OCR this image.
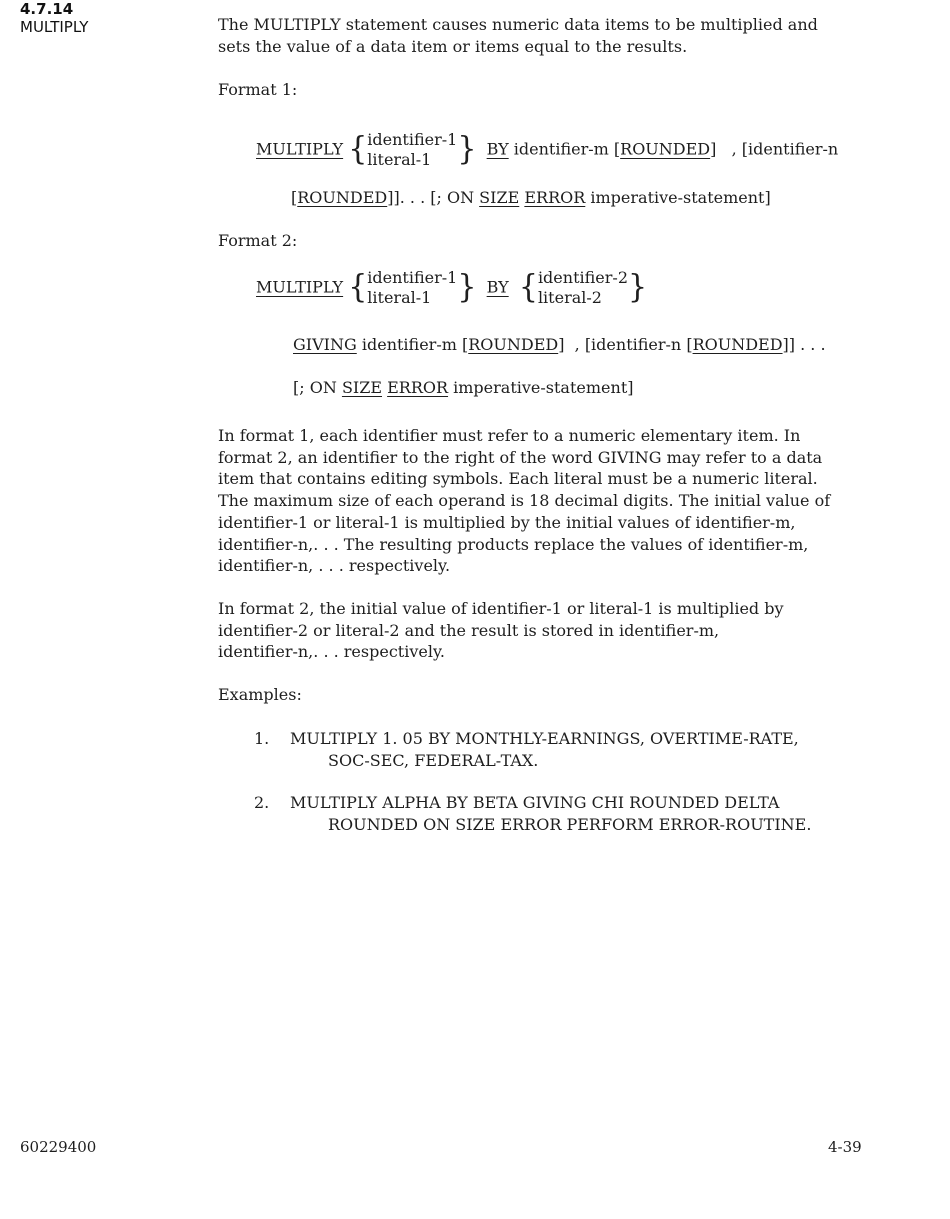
4.7.14
MULTIPLY	The MULTIPLY statement causes numeric data items to be multiplied and
sets the value of a data item or items equal to the results.
Format 1:
MULTIPLY {identifier-1
literal-1 } BY identifier-m [ROUNDED]   , [identifier-n
[ROUNDED]]. . . [; ON SIZE ERROR imperative-statement]
Format 2:
MULTIPLY {identifier-1
literal-1 } BY {identifier-2
literal-2 }
GIVING identifier-m [ROUNDED]  , [identifier-n [ROUNDED]] . . .
[; ON SIZE ERROR imperative-statement]
In format 1, each identifier must refer to a numeric elementary item. In
format 2, an identifier to the right of the word GIVING may refer to a data
item that contains editing symbols. Each literal must be a numeric literal.
The maximum size of each operand is 18 decimal digits. The initial value of
identifier-1 or literal-1 is multiplied by the initial values of identifier-m,
identifier-n,. . . The resulting products replace the values of identifier-m,
identifier-n, . . . respectively.
In format 2, the initial value of identifier-1 or literal-1 is multiplied by
identifier-2 or literal-2 and the result is stored in identifier-m,
identifier-n,. . . respectively.
Examples:
1. MULTIPLY 1. 05 BY MONTHLY-EARNINGS, OVERTIME-RATE,
SOC-SEC, FEDERAL-TAX.
2. MULTIPLY ALPHA BY BETA GIVING CHI ROUNDED DELTA
ROUNDED ON SIZE ERROR PERFORM ERROR-ROUTINE.
60229400	4-39
